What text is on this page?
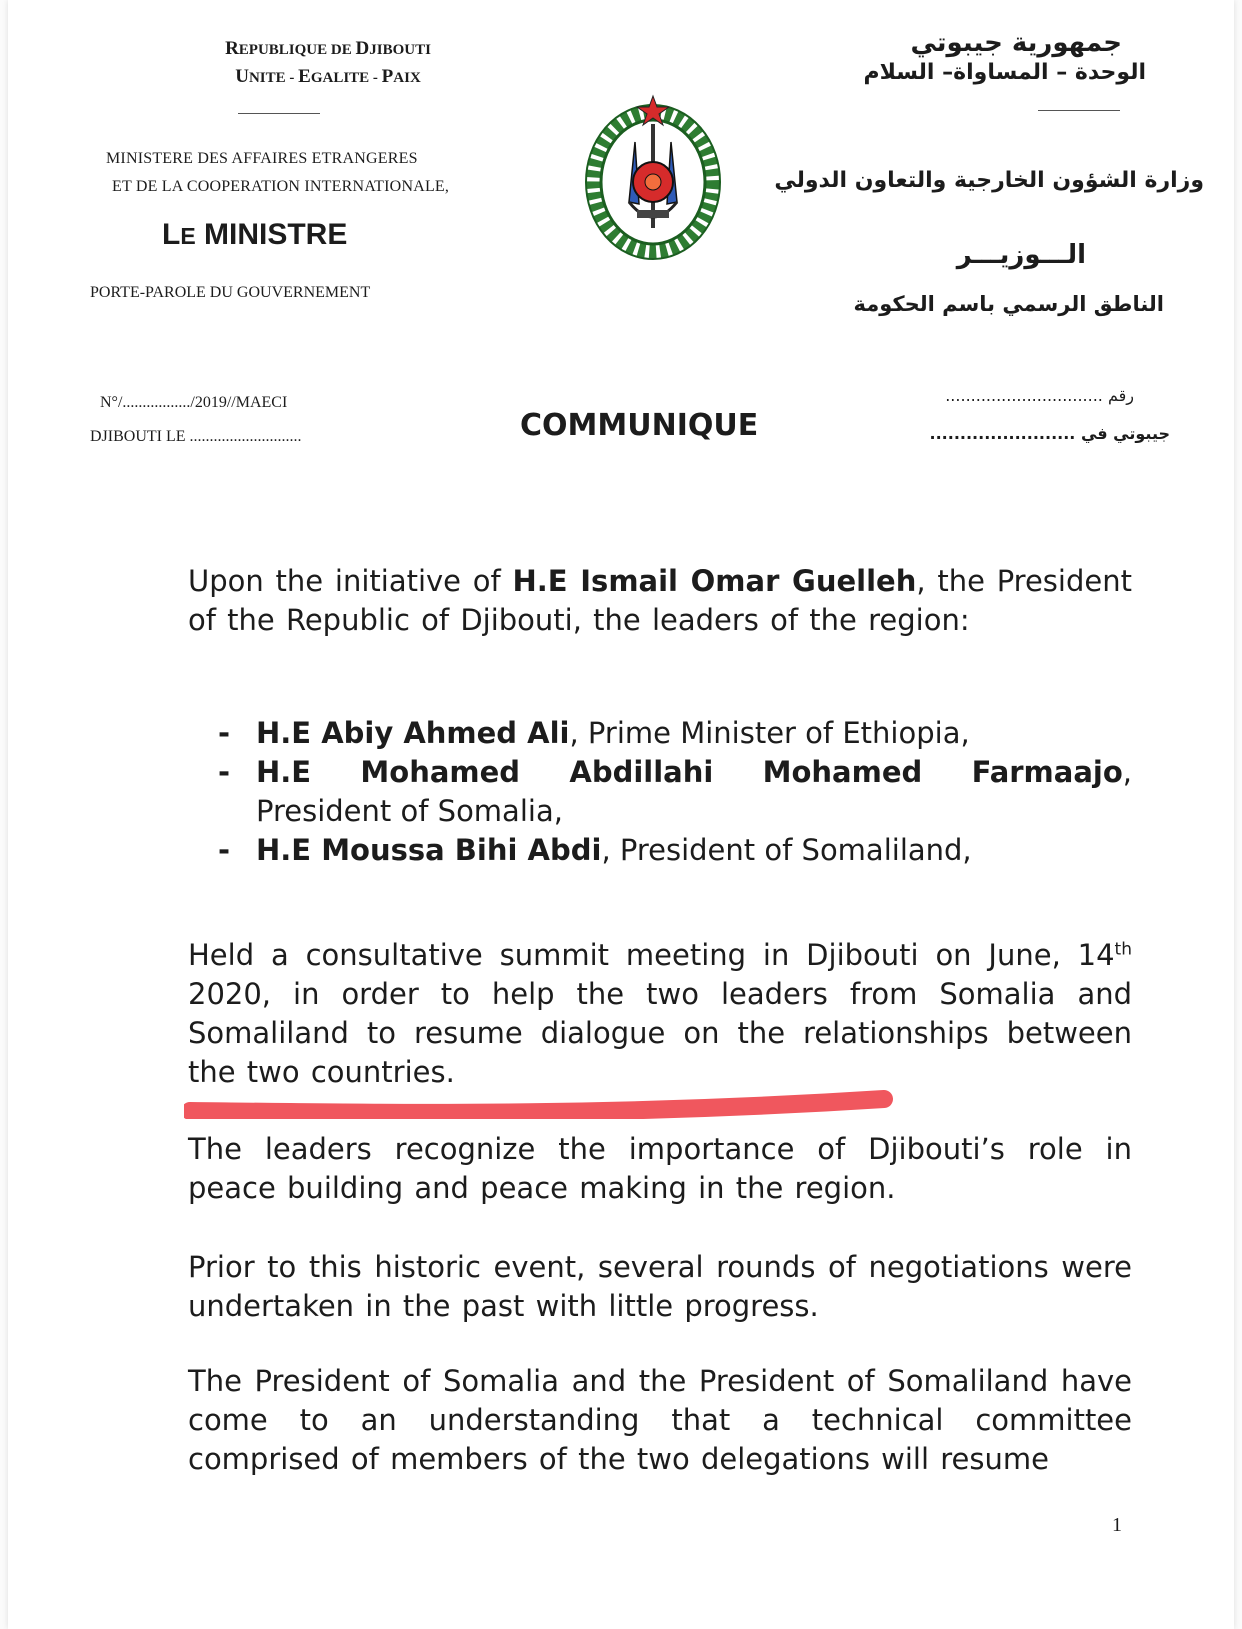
REPUBLIQUE DE DJIBOUTI
UNITE - EGALITE - PAIX
MINISTERE DES AFFAIRES ETRANGERES
ET DE LA COOPERATION INTERNATIONALE,
LE MINISTRE
PORTE-PAROLE DU GOUVERNEMENT
جمهورية جيبوتي
الوحدة – المساواة– السلام
وزارة الشؤون الخارجية والتعاون الدولي
الـــوزيـــر
الناطق الرسمي باسم الحكومة
N°/................./2019//MAECI
DJIBOUTI LE ............................	COMMUNIQUE
رقم ...............................
جيبوتي في ........................
Upon the initiative of H.E Ismail Omar Guelleh, the President of the Republic of Djibouti, the leaders of the region:
- H.E Abiy Ahmed Ali, Prime Minister of Ethiopia,
- H.E Mohamed Abdillahi Mohamed Farmaajo,
President of Somalia,
- H.E Moussa Bihi Abdi, President of Somaliland,
Held a consultative summit meeting in Djibouti on June, 14th 2020, in order to help the two leaders from Somalia and Somaliland to resume dialogue on the relationships between the two countries.
The leaders recognize the importance of Djibouti’s role in peace building and peace making in the region.
Prior to this historic event, several rounds of negotiations were undertaken in the past with little progress.
The President of Somalia and the President of Somaliland have come to an understanding that a technical committee comprised of members of the two delegations will resume
1
